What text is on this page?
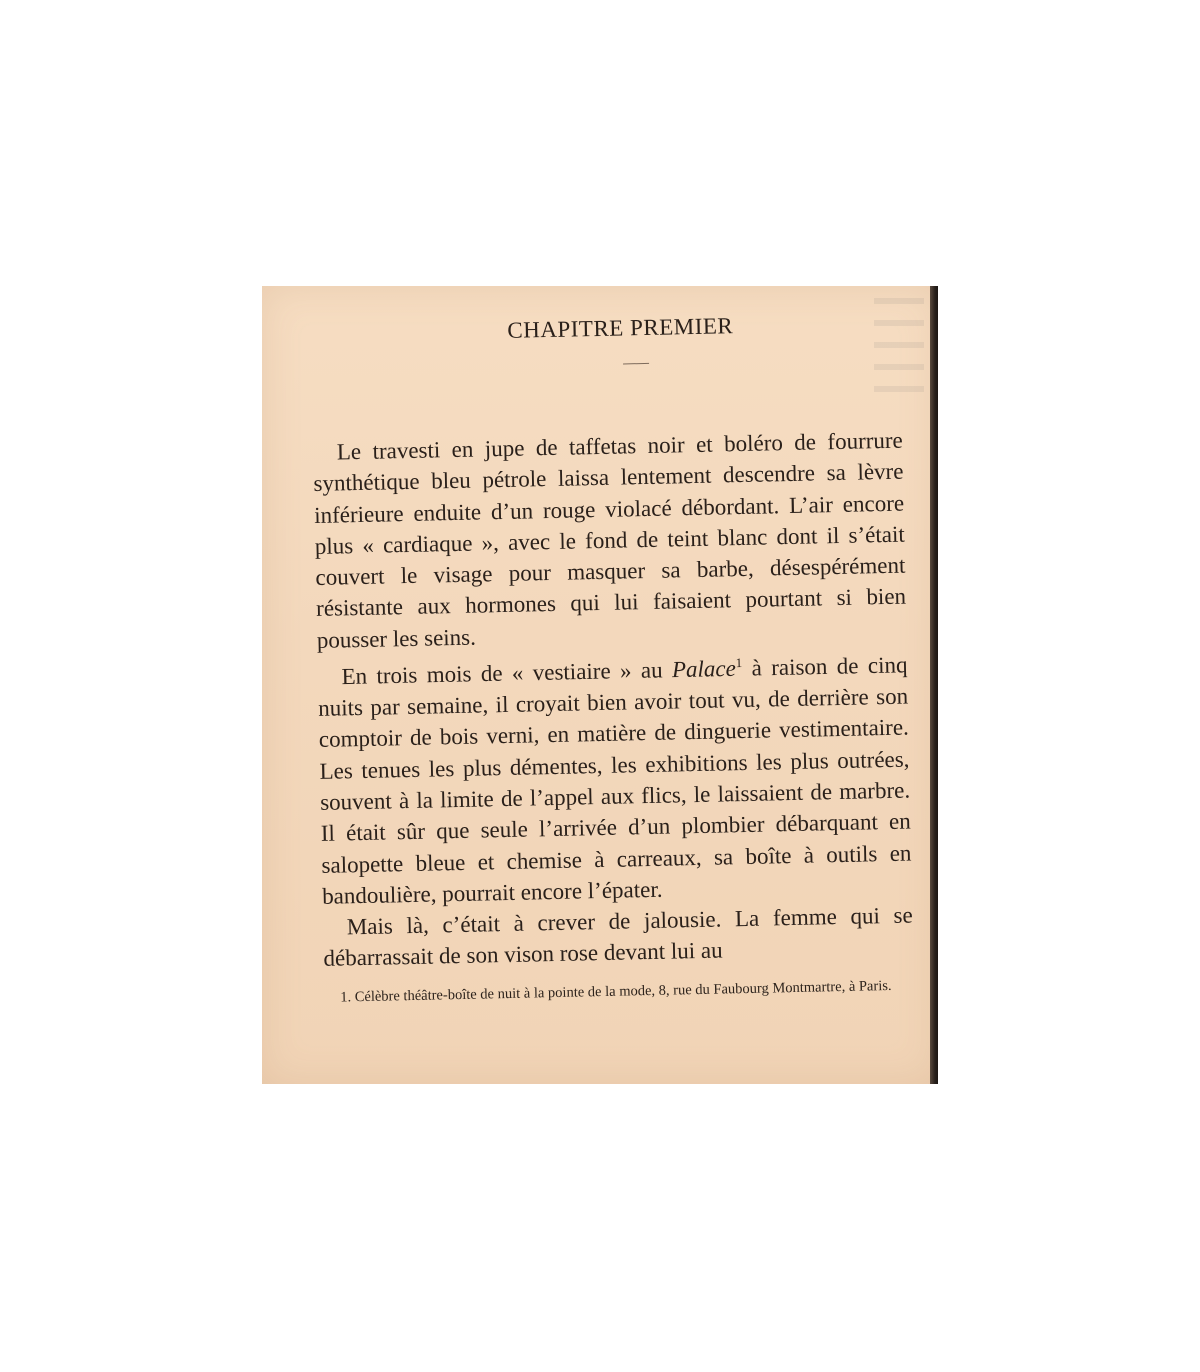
CHAPITRE PREMIER

Le travesti en jupe de taffetas noir et boléro de fourrure synthétique bleu pétrole laissa lentement descendre sa lèvre inférieure enduite d’un rouge violacé débordant. L’air encore plus « cardiaque », avec le fond de teint blanc dont il s’était couvert le visage pour masquer sa barbe, désespérément résistante aux hormones qui lui faisaient pourtant si bien pousser les seins.

En trois mois de « vestiaire » au Palace$^1$ à raison de cinq nuits par semaine, il croyait bien avoir tout vu, de derrière son comptoir de bois verni, en matière de dinguerie vestimentaire. Les tenues les plus démentes, les exhibitions les plus outrées, souvent à la limite de l’appel aux flics, le laissaient de marbre. Il était sûr que seule l’arrivée d’un plombier débarquant en salopette bleue et chemise à carreaux, sa boîte à outils en bandoulière, pourrait encore l’épater.

Mais là, c’était à crever de jalousie. La femme qui se débarrassait de son vison rose devant lui au

1. Célèbre théâtre-boîte de nuit à la pointe de la mode, 8, rue du Faubourg Montmartre, à Paris.
